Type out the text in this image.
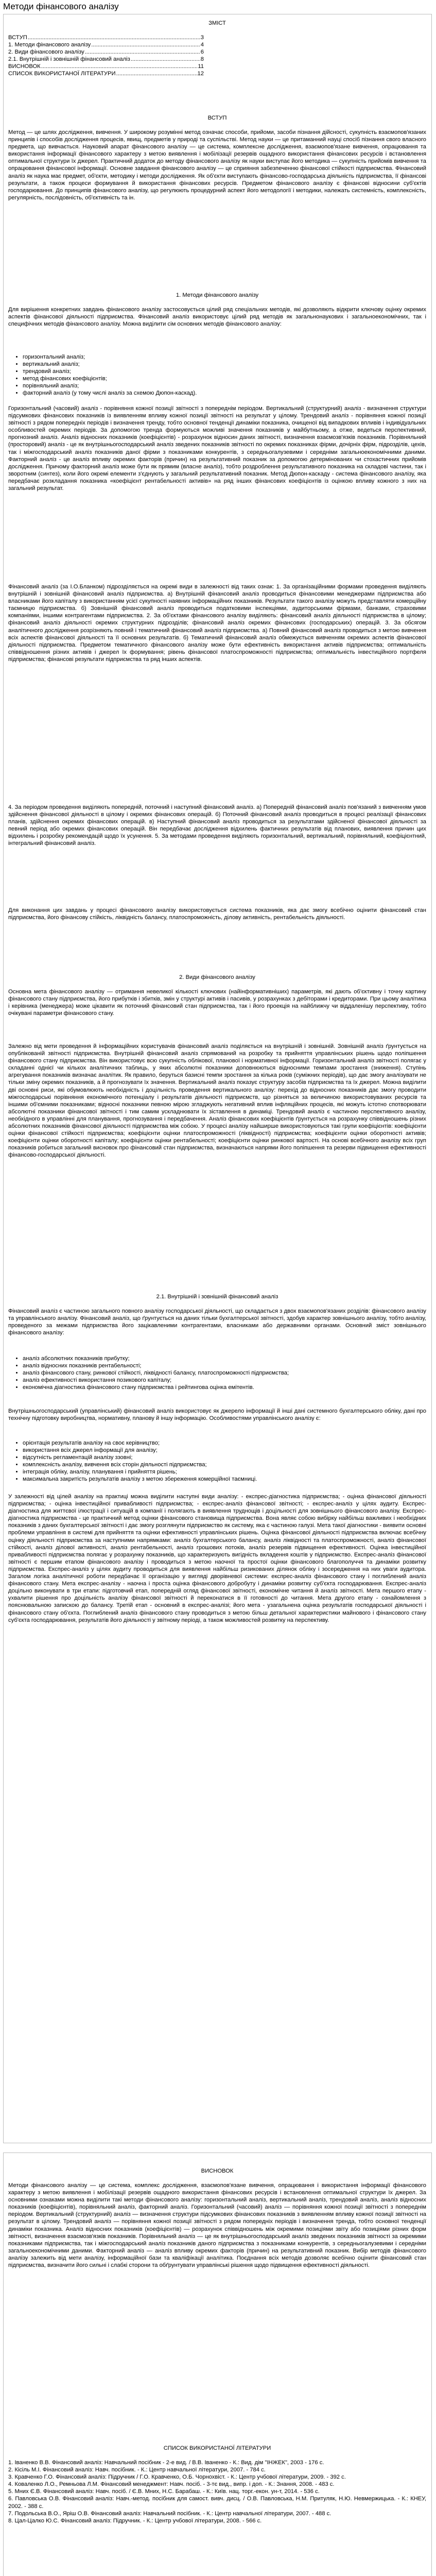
Методи фінансового аналізу
ЗМІСТ
ВСТУП .....	3
1. Методи фінансового аналізу .....	4
2. Види фінансового аналізу .....	6
2.1. Внутрішній і зовнішній фінансовий аналіз .....	8
ВИСНОВОК .....	11
СПИСОК ВИКОРИСТАНОЇ ЛІТЕРАТУРИ .....	12
ВСТУП

Метод — це шлях дослідження, вивчення. У широкому розумінні метод означає способи, прийоми, засоби пізнання дійсності, сукупність взаємопов'язаних принципів і способів дослідження процесів, явищ, предметів у природі та суспільстві. Метод науки — це притаманний науці спосіб пізнання свого власного предмета, що вивчається. Науковий апарат фінансового аналізу — це система, комплексне дослідження, взаємопов'язане вивчення, опрацювання та використання інформації фінансового характеру з метою виявлення і мобілізації резервів ощадного використання фінансових ресурсів і встановлення оптимальної структури їх джерел. Практичний додаток до методу фінансового аналізу як науки виступає його методика — сукупність прийомів вивчення та опрацювання фінансової інформації. Основне завдання фінансового аналізу — це сприяння забезпеченню фінансової стійкості підприємства. Фінансовий аналіз як наука має предмет, об'єкти, методику і методи дослідження. Як об'єкти виступають фінансово-господарська діяльність підприємства, її фінансові результати, а також процеси формування й використання фінансових ресурсів. Предметом фінансового аналізу є фінансові відносини суб'єктів господарювання. До принципів фінансового аналізу, що регулюють процедурний аспект його методології і методики, належать системність, комплексність, регулярність, послідовність, об'єктивність та ін.

1. Методи фінансового аналізу

Для вирішення конкретних завдань фінансового аналізу застосовується цілий ряд спеціальних методів, які дозволяють відкрити ключову оцінку окремих аспектів фінансової діяльності підприємства. Фінансовий аналіз використовує цілий ряд методів як загальнонаукових і загальноекономічних, так і специфічних методів фінансового аналізу. Можна виділити сім основних методів фінансового аналізу:

• горизонтальний аналіз;
• вертикальний аналіз;
• трендовий аналіз;
• метод фінансових коефіцієнтів;
• порівняльний аналіз;
• факторний аналіз (у тому числі аналіз за схемою Дюпон-каскад).

Горизонтальний (часовий) аналіз - порівняння кожної позиції звітності з попереднім періодом. Вертикальний (структурний) аналіз - визначення структури підсумкових фінансових показників із виявленням впливу кожної позиції звітності на результат у цілому. Трендовий аналіз - порівняння кожної позиції звітності з рядом попередніх періодів і визначення тренду, тобто основної тенденції динаміки показника, очищеної від випадкових впливів і індивідуальних особливостей окремих періодів. За допомогою тренда формуються можливі значення показників у майбутньому, а отже, ведеться перспективний, прогнозний аналіз. Аналіз відносних показників (коефіцієнтів) - розрахунок відносин даних звітності, визначення взаємозв'язків показників. Порівняльний (просторовий) аналіз - це як внутрішньогосподарський аналіз зведених показників звітності по окремих показниках фірми, дочірніх фірм, підрозділів, цехів, так і міжгосподарський аналіз показників даної фірми з показниками конкурентів, з середньогалузевими і середніми загальноекономічними даними. Факторний аналіз - це аналіз впливу окремих факторів (причин) на результативний показник за допомогою детермінованих чи стохастичних прийомів дослідження. Причому факторний аналіз може бути як прямим (власне аналіз), тобто роздроблення результативного показника на складові частини, так і зворотним (синтез), коли його окремі елементи з'єднують у загальний результативний показник. Метод Дюпон-каскаду - система фінансового аналізу, яка передбачає розкладання показника «коефіцієнт рентабельності активів» на ряд інших фінансових коефіцієнтів із оцінкою впливу кожного з них на загальний результат.

Фінансовий аналіз (за І.О.Бланком) підрозділяється на окремі види в залежності від таких ознак: 1. За організаційними формами проведення виділяють внутрішній і зовнішній фінансовий аналіз підприємства. а) Внутрішній фінансовий аналіз проводиться фінансовими менеджерами підприємства або власниками його капіталу з використанням усієї сукупності наявних інформаційних показників. Результати такого аналізу можуть представляти комерційну таємницю підприємства. б) Зовнішній фінансовий аналіз проводиться податковими інспекціями, аудиторськими фірмами, банками, страховими компаніями, іншими контрагентами підприємства. 2. За об'єктами фінансового аналізу виділяють: фінансовий аналіз діяльності підприємства в цілому; фінансовий аналіз діяльності окремих структурних підрозділів; фінансовий аналіз окремих фінансових (господарських) операцій. 3. За обсягом аналітичного дослідження розрізняють повний і тематичний фінансовий аналіз підприємства. а) Повний фінансовий аналіз проводиться з метою вивчення всіх аспектів фінансової діяльності та її основних результатів. б) Тематичний фінансовий аналіз обмежується вивченням окремих аспектів фінансової діяльності підприємства. Предметом тематичного фінансового аналізу може бути ефективність використання активів підприємства; оптимальність співвідношення різних активів і джерел їх формування; рівень фінансової платоспроможності підприємства; оптимальність інвестиційного портфеля підприємства; фінансові результати підприємства та ряд інших аспектів.

4. За періодом проведення виділяють попередній, поточний і наступний фінансовий аналіз. а) Попередній фінансовий аналіз пов'язаний з вивченням умов здійснення фінансової діяльності в цілому і окремих фінансових операцій. б) Поточний фінансовий аналіз проводиться в процесі реалізації фінансових планів, здійснення окремих фінансових операцій. в) Наступний фінансовий аналіз проводиться за результатами здійсненої фінансової діяльності за певний період або окремих фінансових операцій. Він передбачає дослідження відхилень фактичних результатів від планових, виявлення причин цих відхилень і розробку рекомендацій щодо їх усунення. 5. За методами проведення виділяють горизонтальний, вертикальний, порівняльний, коефіцієнтний, інтегральний фінансовий аналіз.

Для виконання цих завдань у процесі фінансового аналізу використовується система показників, яка дає змогу всебічно оцінити фінансовий стан підприємства, його фінансову стійкість, ліквідність балансу, платоспроможність, ділову активність, рентабельність діяльності.

2. Види фінансового аналізу

Основна мета фінансового аналізу — отримання невеликої кількості ключових (найінформативніших) параметрів, які дають об'єктивну і точну картину фінансового стану підприємства, його прибутків і збитків, змін у структурі активів і пасивів, у розрахунках з дебіторами і кредиторами. При цьому аналітика і керівника (менеджера) може цікавити як поточний фінансовий стан підприємства, так і його проекція на найближчу чи віддаленішу перспективу, тобто очікувані параметри фінансового стану.

Залежно від мети проведення й інформаційних користувачів фінансовий аналіз поділяється на внутрішній і зовнішній. Зовнішній аналіз ґрунтується на опублікованій звітності підприємства. Внутрішній фінансовий аналіз спрямований на розробку та прийняття управлінських рішень щодо поліпшення фінансового стану підприємства. Він використовує всю сукупність облікової, планової і нормативної інформації. Горизонтальний аналіз звітності полягає у складанні однієї чи кількох аналітичних таблиць, у яких абсолютні показники доповнюються відносними темпами зростання (зниження). Ступінь агрегування показників визначає аналітик. Як правило, беруться базисні темпи зростання за кілька років (суміжних періодів), що дає змогу аналізувати не тільки зміну окремих показників, а й прогнозувати їх значення. Вертикальний аналіз показує структуру засобів підприємства та їх джерел. Можна виділити дві основні риси, які обумовлюють необхідність і доцільність проведення вертикального аналізу: перехід до відносних показників дає змогу проводити міжгосподарські порівняння економічного потенціалу і результатів діяльності підприємств, що різняться за величиною використовуваних ресурсів та іншими об'ємними показниками; відносні показники певною мірою згладжують негативний вплив інфляційних процесів, які можуть істотно спотворювати абсолютні показники фінансової звітності і тим самим ускладнювати їх зіставлення в динаміці. Трендовий аналіз є частиною перспективного аналізу, необхідного в управлінні для планування, прогнозування і передбачення. Аналіз фінансових коефіцієнтів ґрунтується на розрахунку співвідношень різних абсолютних показників фінансової діяльності підприємства між собою. У процесі аналізу найширше використовуються такі групи коефіцієнтів: коефіцієнти оцінки фінансової стійкості підприємства; коефіцієнти оцінки платоспроможності (ліквідності) підприємства; коефіцієнти оцінки оборотності активів; коефіцієнти оцінки оборотності капіталу; коефіцієнти оцінки рентабельності; коефіцієнти оцінки ринкової вартості. На основі всебічного аналізу всіх груп показників робиться загальний висновок про фінансовий стан підприємства, визначаються напрями його поліпшення та резерви підвищення ефективності фінансово-господарської діяльності.

2.1. Внутрішній і зовнішній фінансовий аналіз

Фінансовий аналіз є частиною загального повного аналізу господарської діяльності, що складається з двох взаємопов'язаних розділів: фінансового аналізу та управлінського аналізу. Фінансовий аналіз, що ґрунтується на даних тільки бухгалтерської звітності, здобув характер зовнішнього аналізу, тобто аналізу, проведеного за межами підприємства його зацікавленими контрагентами, власниками або державними органами. Основний зміст зовнішнього фінансового аналізу:

• аналіз абсолютних показників прибутку;
• аналіз відносних показників рентабельності;
• аналіз фінансового стану, ринкової стійкості, ліквідності балансу, платоспроможності підприємства;
• аналіз ефективності використання позикового капіталу;
• економічна діагностика фінансового стану підприємства і рейтингова оцінка емітентів.

Внутрішньогосподарський (управлінський) фінансовий аналіз використовує як джерело інформації й інші дані системного бухгалтерського обліку, дані про технічну підготовку виробництва, нормативну, планову й іншу інформацію. Особливостями управлінського аналізу є:

• орієнтація результатів аналізу на своє керівництво;
• використання всіх джерел інформації для аналізу;
• відсутність регламентацій аналізу ззовні;
• комплексність аналізу, вивчення всіх сторін діяльності підприємства;
• інтеграція обліку, аналізу, планування і прийняття рішень;
• максимальна закритість результатів аналізу з метою збереження комерційної таємниці.

У залежності від цілей аналізу на практиці можна виділити наступні види аналізу: - експрес-діагностика підприємства; - оцінка фінансової діяльності підприємства; - оцінка інвестиційної привабливості підприємства; - експрес-аналіз фінансової звітності; - експрес-аналіз у цілях аудиту. Експрес-діагностика для життєвої ілюстрації і ситуацій в компанії і полягають в виявлення труднощів і доцільності для зовнішнього фінансового аналізу. Експрес-діагностика підприємства - це практичний метод оцінки фінансового становища підприємства. Вона являє собою вибірку найбільш важливих і необхідних показників з даних бухгалтерської звітності і дає змогу розглянути підприємство як систему, яка є частиною галузі. Мета такої діагностики - виявити основні проблеми управління в системі для прийняття та оцінки ефективності управлінських рішень. Оцінка фінансової діяльності підприємства включає всебічну оцінку діяльності підприємства за наступними напрямками: аналіз бухгалтерського балансу, аналіз ліквідності та платоспроможності, аналіз фінансової стійкості, аналіз ділової активності, аналіз рентабельності, аналіз грошових потоків, аналіз резервів підвищення ефективності. Оцінка інвестиційної привабливості підприємства полягає у розрахунку показників, що характеризують вигідність вкладення коштів у підприємство. Експрес-аналіз фінансової звітності є першим етапом фінансового аналізу і проводиться з метою наочної та простої оцінки фінансового благополуччя та динаміки розвитку підприємства. Експрес-аналіз у цілях аудиту проводиться для виявлення найбільш ризикованих ділянок обліку і зосередження на них уваги аудитора. Загалом логіка аналітичної роботи передбачає її організацію у вигляді дворівневої системи: експрес-аналіз фінансового стану і поглиблений аналіз фінансового стану. Мета експрес-аналізу - наочна і проста оцінка фінансового добробуту і динаміки розвитку суб'єкта господарювання. Експрес-аналіз доцільно виконувати в три етапи: підготовчий етап, попередній огляд фінансової звітності, економічне читання й аналіз звітності. Мета першого етапу - ухвалити рішення про доцільність аналізу фінансової звітності й переконатися в її готовності до читання. Мета другого етапу - ознайомлення з пояснювальною запискою до балансу. Третій етап - основний в експрес-аналізі; його мета - узагальнена оцінка результатів господарської діяльності і фінансового стану об'єкта. Поглиблений аналіз фінансового стану проводиться з метою більш детальної характеристики майнового і фінансового стану суб'єкта господарювання, результатів його діяльності у звітному періоді, а також можливостей розвитку на перспективу.

ВИСНОВОК

Методи фінансового аналізу — це система, комплекс дослідження, взаємопов'язане вивчення, опрацювання і використання інформації фінансового характеру з метою виявлення і мобілізації резервів ощадного використання фінансових ресурсів і встановлення оптимальної структури їх джерел. За основними ознаками можна виділити такі методи фінансового аналізу: горизонтальний аналіз, вертикальний аналіз, трендовий аналіз, аналіз відносних показників (коефіцієнтів), порівняльний аналіз, факторний аналіз. Горизонтальний (часовий) аналіз — порівняння кожної позиції звітності з попереднім періодом. Вертикальний (структурний) аналіз — визначення структури підсумкових фінансових показників з виявленням впливу кожної позиції звітності на результат в цілому. Трендовий аналіз — порівняння кожної позиції звітності з рядом попередніх періодів і визначення тренда, тобто основної тенденції динаміки показника. Аналіз відносних показників (коефіцієнтів) — розрахунок співвідношень між окремими позиціями звіту або позиціями різних форм звітності, визначення взаємозв'язків показників. Порівняльний аналіз — це як внутрішньогосподарський аналіз зведених показників звітності за окремими показниками підприємства, так і міжгосподарський аналіз показників даного підприємства з показниками конкурентів, з середньогалузевими і середніми загальноекономічними даними. Факторний аналіз — аналіз впливу окремих факторів (причин) на результативний показник. Вибір методів фінансового аналізу залежить від мети аналізу, інформаційної бази та кваліфікації аналітика. Поєднання всіх методів дозволяє всебічно оцінити фінансовий стан підприємства, визначити його сильні і слабкі сторони та обґрунтувати управлінські рішення щодо підвищення ефективності діяльності.

СПИСОК ВИКОРИСТАНОЇ ЛІТЕРАТУРИ

1. Іваненко В.В. Фінансовий аналіз: Навчальний посібник - 2-е вид. / В.В. Іваненко - К.: Вид. дім "ІНЖЕК", 2003 - 176 с.

2. Кісіль М.І. Фінансовий аналіз: Навч. посібник. - К.: Центр навчальної літератури, 2007. - 784 с.

3. Кравченко Г.О. Фінансовий аналіз: Підручник / Г.О. Кравченко, О.Б. Чорнохвіст. - К.: Центр учбової літератури, 2009. - 392 с.

4. Коваленко Л.О., Ремньова Л.М. Фінансовий менеджмент: Навч. посіб. - 3-тє вид., випр. і доп. - К.: Знання, 2008. - 483 с.

5. Мних Є.В. Фінансовий аналіз: Навч. посіб. / Є.В. Мних, Н.С. Барабаш. - К.: Київ. нац. торг.-екон. ун-т, 2014. - 536 с.

6. Павловська О.В. Фінансовий аналіз: Навч.-метод. посібник для самост. вивч. дисц. / О.В. Павловська, Н.М. Притуляк, Н.Ю. Невмержицька. - К.: КНЕУ, 2002. - 388 с.

7. Подольська В.О., Яріш О.В. Фінансовий аналіз: Навчальний посібник. - К.: Центр навчальної літератури, 2007. - 488 с.

8. Цал-Цалко Ю.С. Фінансовий аналіз: Підручник. - К.: Центр учбової літератури, 2008. - 566 с.
